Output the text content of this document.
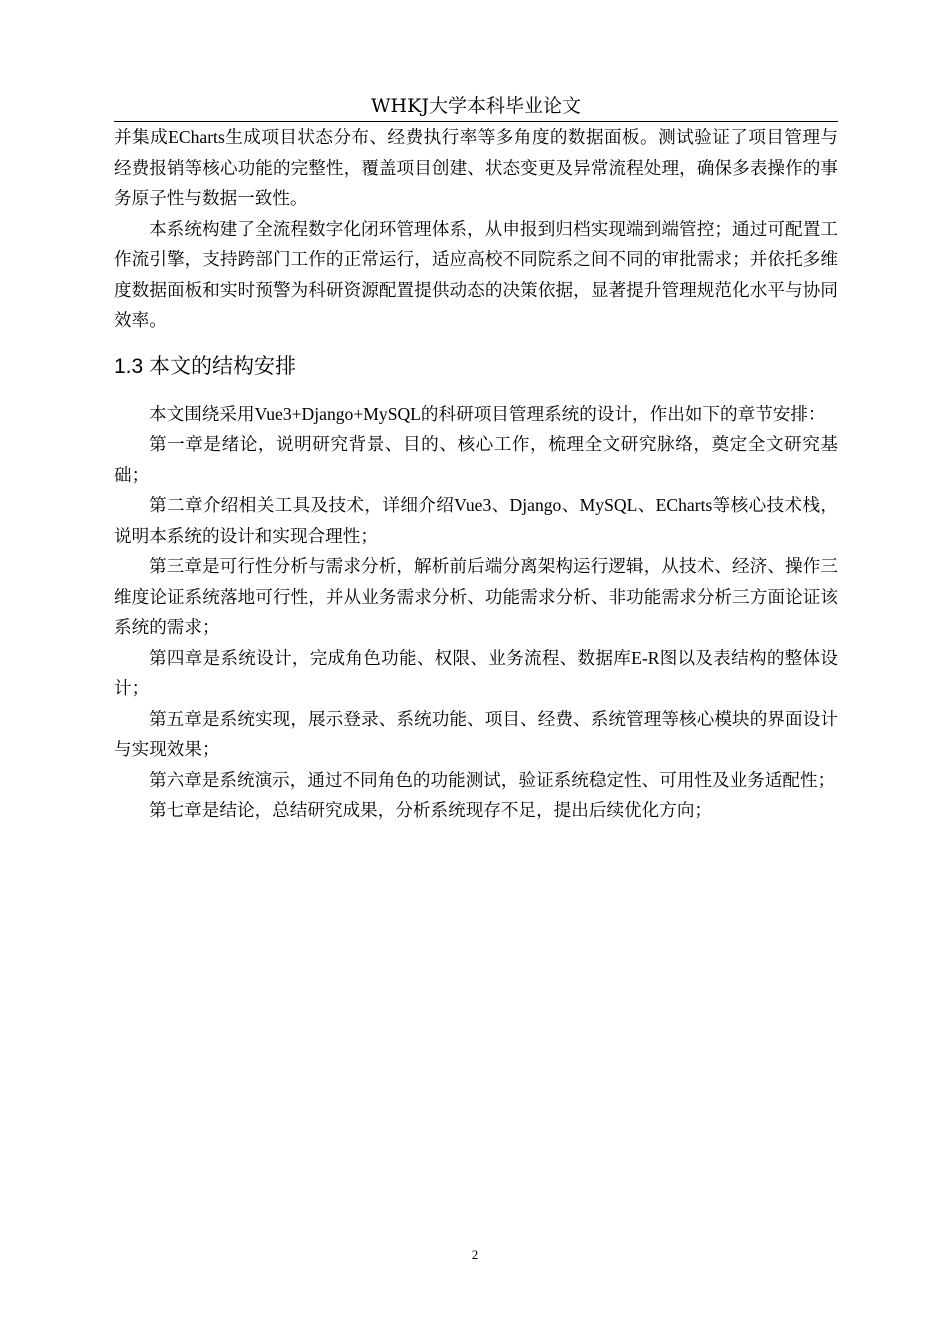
WHKJ大学本科毕业论文

并集成ECharts生成项目状态分布、经费执行率等多角度的数据面板。测试验证了项目管理与经费报销等核心功能的完整性，覆盖项目创建、状态变更及异常流程处理，确保多表操作的事务原子性与数据一致性。

本系统构建了全流程数字化闭环管理体系，从申报到归档实现端到端管控；通过可配置工作流引擎，支持跨部门工作的正常运行，适应高校不同院系之间不同的审批需求；并依托多维度数据面板和实时预警为科研资源配置提供动态的决策依据，显著提升管理规范化水平与协同效率。

1.3 本文的结构安排

本文围绕采用Vue3+Django+MySQL的科研项目管理系统的设计，作出如下的章节安排：

第一章是绪论，说明研究背景、目的、核心工作，梳理全文研究脉络，奠定全文研究基础；

第二章介绍相关工具及技术，详细介绍Vue3、Django、MySQL、ECharts等核心技术栈，说明本系统的设计和实现合理性；

第三章是可行性分析与需求分析，解析前后端分离架构运行逻辑，从技术、经济、操作三维度论证系统落地可行性，并从业务需求分析、功能需求分析、非功能需求分析三方面论证该系统的需求；

第四章是系统设计，完成角色功能、权限、业务流程、数据库E-R图以及表结构的整体设计；

第五章是系统实现，展示登录、系统功能、项目、经费、系统管理等核心模块的界面设计与实现效果；

第六章是系统演示，通过不同角色的功能测试，验证系统稳定性、可用性及业务适配性；

第七章是结论，总结研究成果，分析系统现存不足，提出后续优化方向；

2
